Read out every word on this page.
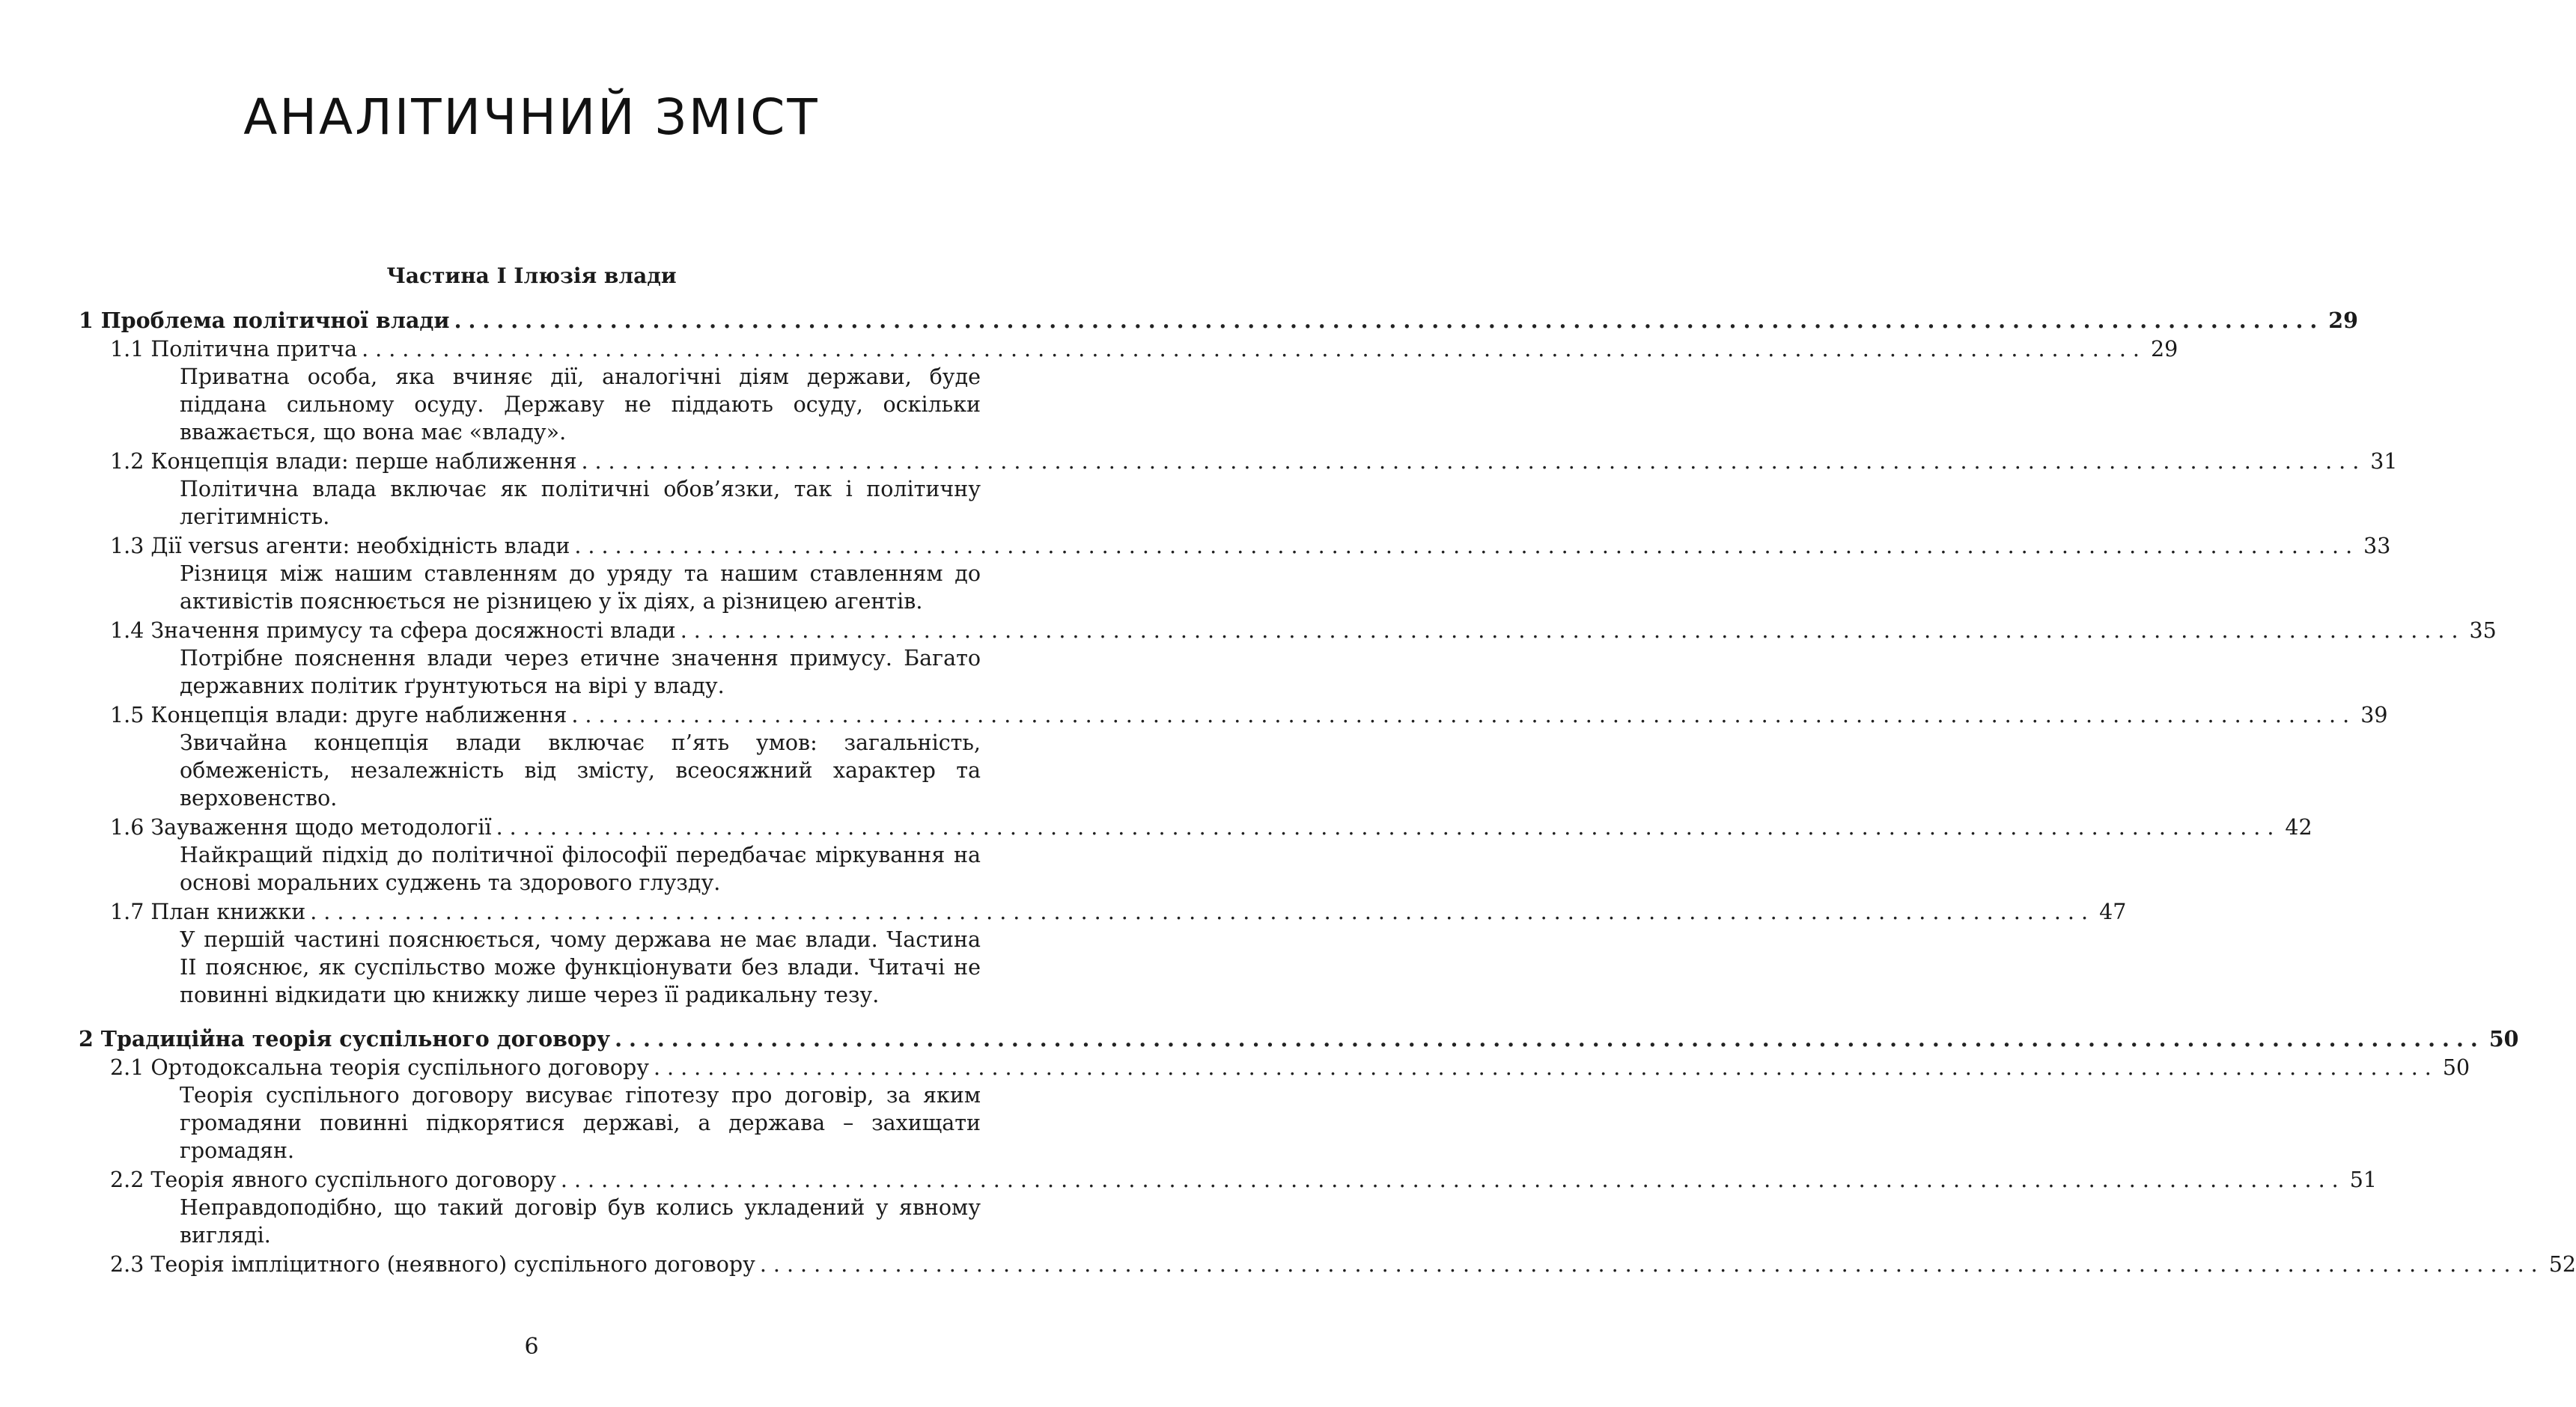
АНАЛІТИЧНИЙ ЗМІСТ
Частина I Ілюзія влади
1 Проблема політичної влади .................................................................................................................................... 29
1.1 Політична притча .................................................................................................................................... 29
Приватна особа, яка вчиняє дії, аналогічні діям держави, буде піддана сильному осуду. Державу не піддають осуду, оскільки вважається, що вона має «владу».
1.2 Концепція влади: перше наближення .................................................................................................................................... 31
Політична влада включає як політичні обов’язки, так і політичну легітимність.
1.3 Дії versus агенти: необхідність влади .................................................................................................................................... 33
Різниця між нашим ставленням до уряду та нашим ставленням до активістів пояснюється не різницею у їх діях, а різницею агентів.
1.4 Значення примусу та сфера досяжності влади .................................................................................................................................... 35
Потрібне пояснення влади через етичне значення примусу. Багато державних політик ґрунтуються на вірі у владу.
1.5 Концепція влади: друге наближення .................................................................................................................................... 39
Звичайна концепція влади включає п’ять умов: загальність, обмеженість, незалежність від змісту, всеосяжний характер та верховенство.
1.6 Зауваження щодо методології .................................................................................................................................... 42
Найкращий підхід до політичної філософії передбачає міркування на основі моральних суджень та здорового глузду.
1.7 План книжки .................................................................................................................................... 47
У першій частині пояснюється, чому держава не має влади. Частина II пояснює, як суспільство може функціонувати без влади. Читачі не повинні відкидати цю книжку лише через її радикальну тезу.
2 Традиційна теорія суспільного договору .................................................................................................................................... 50
2.1 Ортодоксальна теорія суспільного договору .................................................................................................................................... 50
Теорія суспільного договору висуває гіпотезу про договір, за яким громадяни повинні підкорятися державі, а держава – захищати громадян.
2.2 Теорія явного суспільного договору .................................................................................................................................... 51
Неправдоподібно, що такий договір був колись укладений у явному вигляді.
2.3 Теорія імпліцитного (неявного) суспільного договору .................................................................................................................................... 52
6
